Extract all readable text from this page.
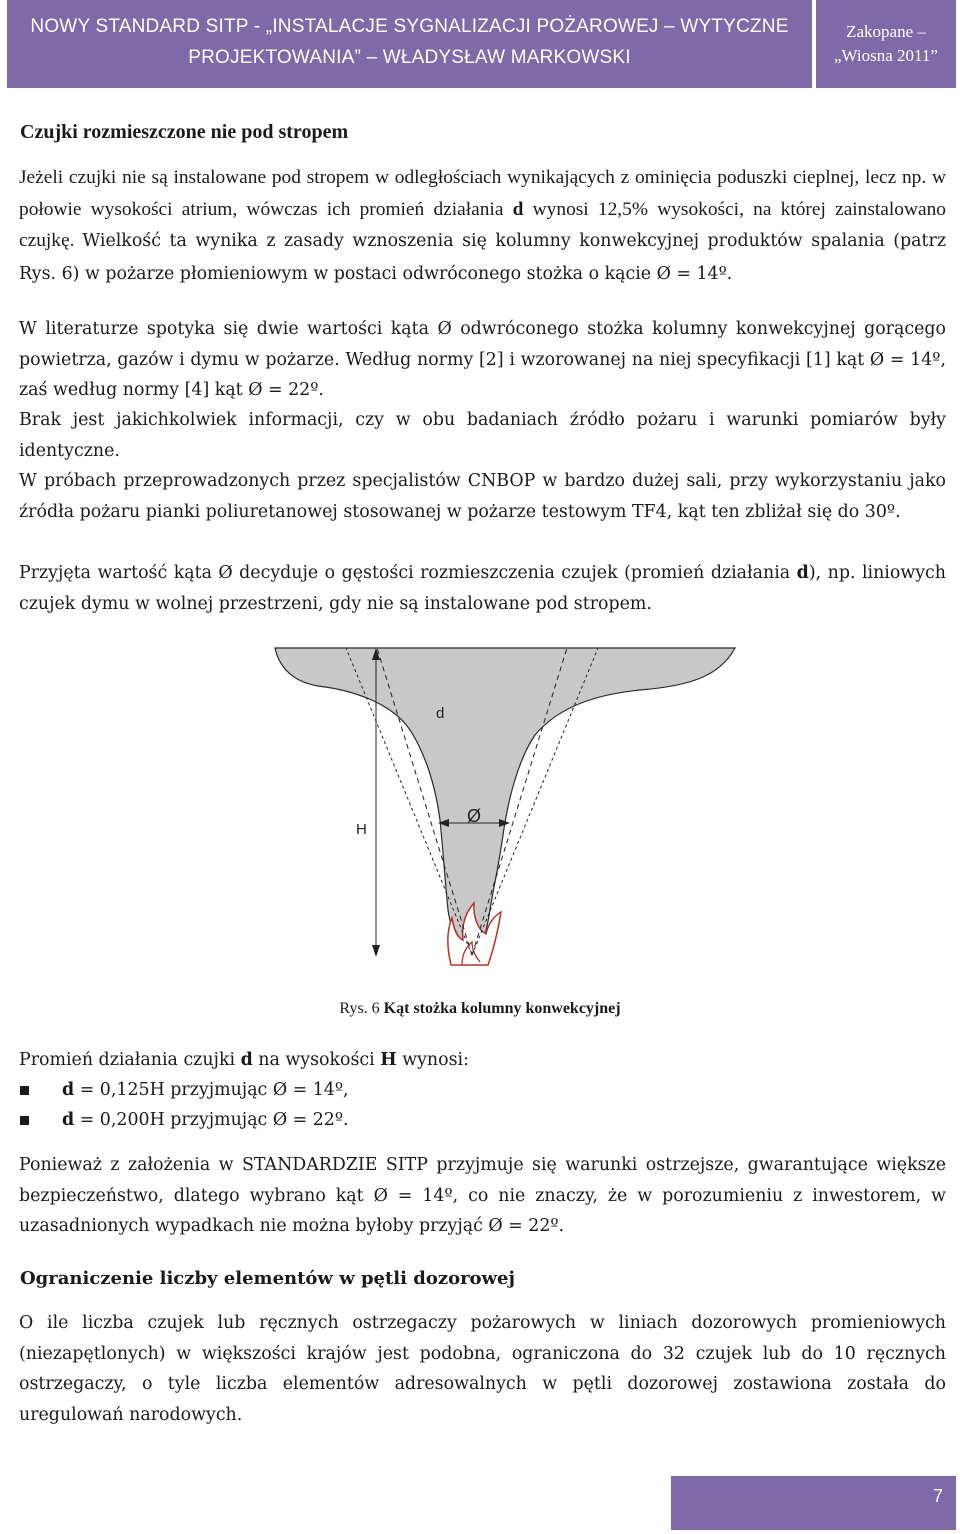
NOWY STANDARD SITP - „INSTALACJE SYGNALIZACJI POŻAROWEJ – WYTYCZNE
PROJEKTOWANIA” – WŁADYSŁAW MARKOWSKI
Zakopane –
„Wiosna 2011”
Czujki rozmieszczone nie pod stropem
Jeżeli czujki nie są instalowane pod stropem w odległościach wynikających z ominięcia poduszki cieplnej, lecz np. w połowie wysokości atrium, wówczas ich promień działania d wynosi 12,5% wysokości, na której zainstalowano czujkę. Wielkość ta wynika z zasady wznoszenia się kolumny konwekcyjnej produktów spalania (patrz Rys. 6) w pożarze płomieniowym w postaci odwróconego stożka o kącie Ø = 14º.
W literaturze spotyka się dwie wartości kąta Ø odwróconego stożka kolumny konwekcyjnej gorącego powietrza, gazów i dymu w pożarze. Według normy [2] i wzorowanej na niej specyfikacji [1] kąt Ø = 14º, zaś według normy [4] kąt Ø = 22º.
Brak jest jakichkolwiek informacji, czy w obu badaniach źródło pożaru i warunki pomiarów były identyczne.
W próbach przeprowadzonych przez specjalistów CNBOP w bardzo dużej sali, przy wykorzystaniu jako źródła pożaru pianki poliuretanowej stosowanej w pożarze testowym TF4, kąt ten zbliżał się do 30º.
Przyjęta wartość kąta Ø decyduje o gęstości rozmieszczenia czujek (promień działania d), np. liniowych czujek dymu w wolnej przestrzeni, gdy nie są instalowane pod stropem.
d
H
Ø
Rys. 6 Kąt stożka kolumny konwekcyjnej
Promień działania czujki d na wysokości H wynosi:
d = 0,125H przyjmując Ø = 14º,
d = 0,200H przyjmując Ø = 22º.
Ponieważ z założenia w STANDARDZIE SITP przyjmuje się warunki ostrzejsze, gwarantujące większe bezpieczeństwo, dlatego wybrano kąt Ø = 14º, co nie znaczy, że w porozumieniu z inwestorem, w uzasadnionych wypadkach nie można byłoby przyjąć Ø = 22º.
Ograniczenie liczby elementów w pętli dozorowej
O ile liczba czujek lub ręcznych ostrzegaczy pożarowych w liniach dozorowych promieniowych (niezapętlonych) w większości krajów jest podobna, ograniczona do 32 czujek lub do 10 ręcznych ostrzegaczy, o tyle liczba elementów adresowalnych w pętli dozorowej zostawiona została do uregulowań narodowych.
7
